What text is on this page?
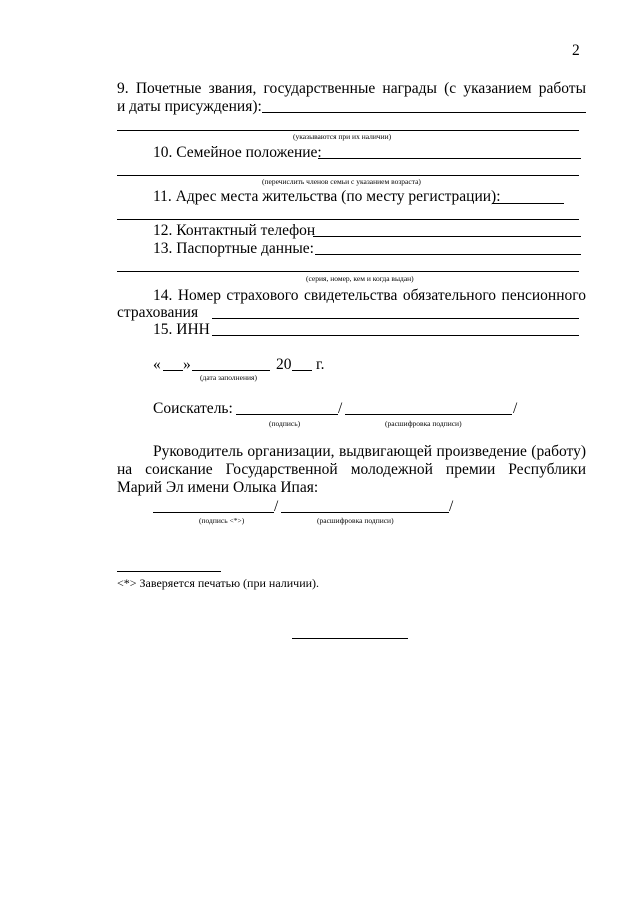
2
9. Почетные звания, государственные награды (с указанием работы
и даты присуждения):
(указываются при их наличии)
10. Семейное положение:
(перечислить членов семьи с указанием возраста)
11. Адрес места жительства (по месту регистрации):
12. Контактный телефон
13. Паспортные данные:
(серия, номер, кем и когда выдан)
14. Номер страхового свидетельства обязательного пенсионного
страхования
15. ИНН
« »	20 г.
(дата заполнения)
Соискатель:	/	/
(подпись)	(расшифровка подписи)
Руководитель организации, выдвигающей произведение (работу)
на соискание Государственной молодежной премии Республики
Марий Эл имени Олыка Ипая:
/	/
(подпись <*>)	(расшифровка подписи)
<*> Заверяется печатью (при наличии).
